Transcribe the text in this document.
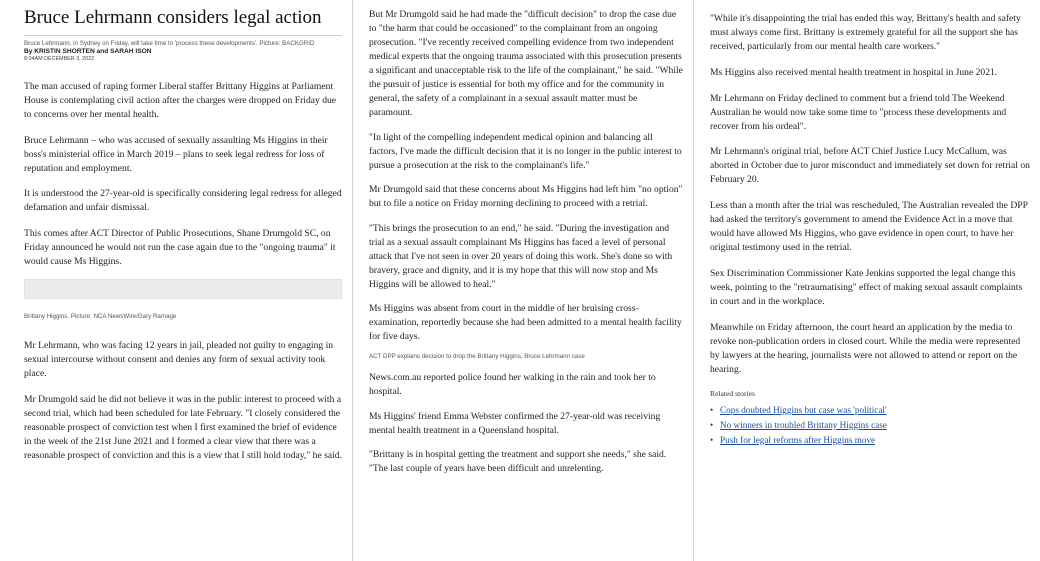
Bruce Lehrmann considers legal action
Bruce Lehrmann, in Sydney on Friday, will take time to 'process these developments'. Picture: BACKGRID
By KRISTIN SHORTEN and SARAH ISON
8:04AM DECEMBER 3, 2022

The man accused of raping former Liberal staffer Brittany Higgins at Parliament House is contemplating civil action after the charges were dropped on Friday due to concerns over her mental health.

Bruce Lehrmann – who was accused of sexually assaulting Ms Higgins in their boss's ministerial office in March 2019 – plans to seek legal redress for loss of reputation and employment.

It is understood the 27-year-old is specifically considering legal redress for alleged defamation and unfair dismissal.

This comes after ACT Director of Public Prosecutions, Shane Drumgold SC, on Friday announced he would not run the case again due to the "ongoing trauma" it would cause Ms Higgins.

Brittany Higgins. Picture: NCA NewsWire/Gary Ramage

Mr Lehrmann, who was facing 12 years in jail, pleaded not guilty to engaging in sexual intercourse without consent and denies any form of sexual activity took place.

Mr Drumgold said he did not believe it was in the public interest to proceed with a second trial, which had been scheduled for late February. "I closely considered the reasonable prospect of conviction test when I first examined the brief of evidence in the week of the 21st June 2021 and I formed a clear view that there was a reasonable prospect of conviction and this is a view that I still hold today," he said.

But Mr Drumgold said he had made the "difficult decision" to drop the case due to "the harm that could be occasioned" to the complainant from an ongoing prosecution. "I've recently received compelling evidence from two independent medical experts that the ongoing trauma associated with this prosecution presents a significant and unacceptable risk to the life of the complainant," he said. "While the pursuit of justice is essential for both my office and for the community in general, the safety of a complainant in a sexual assault matter must be paramount.

"In light of the compelling independent medical opinion and balancing all factors, I've made the difficult decision that it is no longer in the public interest to pursue a prosecution at the risk to the complainant's life."

Mr Drumgold said that these concerns about Ms Higgins had left him "no option" but to file a notice on Friday morning declining to proceed with a retrial.

"This brings the prosecution to an end," he said. "During the investigation and trial as a sexual assault complainant Ms Higgins has faced a level of personal attack that I've not seen in over 20 years of doing this work. She's done so with bravery, grace and dignity, and it is my hope that this will now stop and Ms Higgins will be allowed to heal."

Ms Higgins was absent from court in the middle of her bruising cross-examination, reportedly because she had been admitted to a mental health facility for five days.

ACT DPP explains decision to drop the Brittany Higgins, Bruce Lehrmann case

News.com.au reported police found her walking in the rain and took her to hospital.

Ms Higgins' friend Emma Webster confirmed the 27-year-old was receiving mental health treatment in a Queensland hospital.

"Brittany is in hospital getting the treatment and support she needs," she said. "The last couple of years have been difficult and unrelenting.

"While it's disappointing the trial has ended this way, Brittany's health and safety must always come first. Brittany is extremely grateful for all the support she has received, particularly from our mental health care workers."

Ms Higgins also received mental health treatment in hospital in June 2021.

Mr Lehrmann on Friday declined to comment but a friend told The Weekend Australian he would now take some time to "process these developments and recover from his ordeal".

Mr Lehrmann's original trial, before ACT Chief Justice Lucy McCallum, was aborted in October due to juror misconduct and immediately set down for retrial on February 20.

Less than a month after the trial was rescheduled, The Australian revealed the DPP had asked the territory's government to amend the Evidence Act in a move that would have allowed Ms Higgins, who gave evidence in open court, to have her original testimony used in the retrial.

Sex Discrimination Commissioner Kate Jenkins supported the legal change this week, pointing to the "retraumatising" effect of making sexual assault complaints in court and in the workplace.

Meanwhile on Friday afternoon, the court heard an application by the media to revoke non-publication orders in closed court. While the media were represented by lawyers at the hearing, journalists were not allowed to attend or report on the hearing.

Related stories
• Cops doubted Higgins but case was 'political'
• No winners in troubled Brittany Higgins case
• Push for legal reforms after Higgins move
